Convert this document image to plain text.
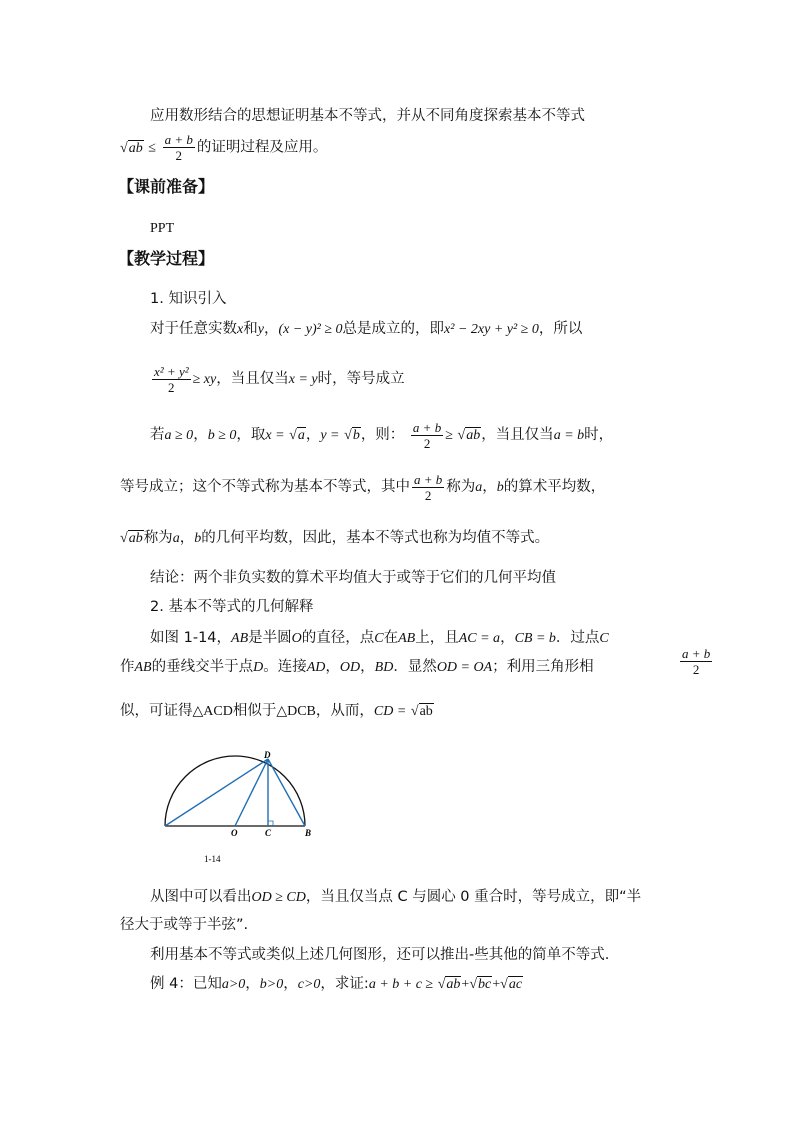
应用数形结合的思想证明基本不等式，并从不同角度探索基本不等式
$√ab \le \frac{a + b}{2}$ 的证明过程及应用。
【课前准备】
PPT
【教学过程】
1. 知识引入
对于任意实数x和y，(x − y)² ≥ 0总是成立的，即x² − 2xy + y² ≥ 0，所以
$\frac{\text{x² + y²}}{2}$ ≥ xy，当且仅当x = y时，等号成立
若a ≥ 0，b ≥ 0，取x = √a，y = √b，则： $\frac{a + b}{2} \ge √ab$，当且仅当a = b时，
等号成立；这个不等式称为基本不等式，其中 $\frac{a + b}{2}$ 称为a，b的算术平均数，
√ab称为a，b的几何平均数，因此，基本不等式也称为均值不等式。
结论：两个非负实数的算术平均值大于或等于它们的几何平均值
2. 基本不等式的几何解释
如图 1-14，AB是半圆O的直径，点C在AB上，且AC = a，CB = b．过点C
作AB的垂线交半于点D。连接AD，OD，BD．显然OD = OA；利用三角形相	$\frac{a + b}{2}$
似，可证得△ACD相似于△DCB，从而，CD = √ab
D
O	C	B
1-14
从图中可以看出OD ≥ CD，当且仅当点 C 与圆心 0 重合时，等号成立，即“半
径大于或等于半弦”.
利用基本不等式或类似上述几何图形，还可以推出-些其他的简单不等式.
例 4：已知a>0，b>0，c>0，求证:a + b + c ≥ √ab+√bc+√ac
